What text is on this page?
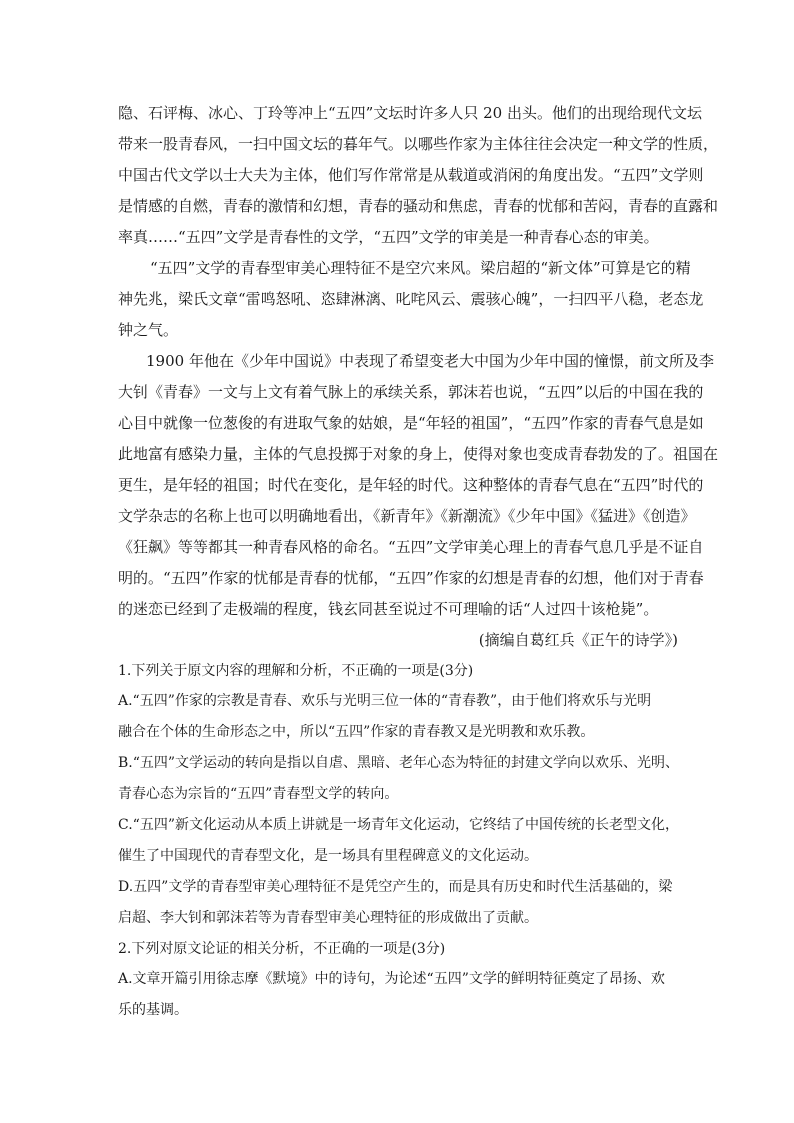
隐、石评梅、冰心、丁玲等冲上“五四”文坛时许多人只 20 出头。他们的出现给现代文坛
带来一股青春风，一扫中国文坛的暮年气。以哪些作家为主体往往会决定一种文学的性质，
中国古代文学以士大夫为主体，他们写作常常是从载道或消闲的角度出发。“五四”文学则
是情感的自燃，青春的激情和幻想，青春的骚动和焦虑，青春的忧郁和苦闷，青春的直露和
率真……“五四”文学是青春性的文学，“五四”文学的审美是一种青春心态的审美。

“五四”文学的青春型审美心理特征不是空穴来风。梁启超的“新文体”可算是它的精
神先兆，梁氏文章“雷鸣怒吼、恣肆淋漓、叱咤风云、震骇心魄”，一扫四平八稳，老态龙
钟之气。

1900 年他在《少年中国说》中表现了希望变老大中国为少年中国的憧憬，前文所及李
大钊《青春》一文与上文有着气脉上的承续关系，郭沫若也说，“五四”以后的中国在我的
心目中就像一位葱俊的有进取气象的姑娘，是“年轻的祖国”，“五四”作家的青春气息是如
此地富有感染力量，主体的气息投掷于对象的身上，使得对象也变成青春勃发的了。祖国在
更生，是年轻的祖国；时代在变化，是年轻的时代。这种整体的青春气息在“五四”时代的
文学杂志的名称上也可以明确地看出，《新青年》《新潮流》《少年中国》《猛进》《创造》
《狂飙》等等都其一种青春风格的命名。“五四”文学审美心理上的青春气息几乎是不证自
明的。“五四”作家的忧郁是青春的忧郁，“五四”作家的幻想是青春的幻想，他们对于青春
的迷恋已经到了走极端的程度，钱玄同甚至说过不可理喻的话“人过四十该枪毙”。

(摘编自葛红兵《正午的诗学》)

1.下列关于原文内容的理解和分析，不正确的一项是(3分)

A.“五四”作家的宗教是青春、欢乐与光明三位一体的“青春教”，由于他们将欢乐与光明
融合在个体的生命形态之中，所以“五四”作家的青春教又是光明教和欢乐教。

B.“五四”文学运动的转向是指以自虐、黑暗、老年心态为特征的封建文学向以欢乐、光明、
青春心态为宗旨的“五四”青春型文学的转向。

C.“五四”新文化运动从本质上讲就是一场青年文化运动，它终结了中国传统的长老型文化，
催生了中国现代的青春型文化，是一场具有里程碑意义的文化运动。

D.五四”文学的青春型审美心理特征不是凭空产生的，而是具有历史和时代生活基础的，梁
启超、李大钊和郭沫若等为青春型审美心理特征的形成做出了贡献。

2.下列对原文论证的相关分析，不正确的一项是(3分)

A.文章开篇引用徐志摩《默境》中的诗句，为论述“五四”文学的鲜明特征奠定了昂扬、欢
乐的基调。
